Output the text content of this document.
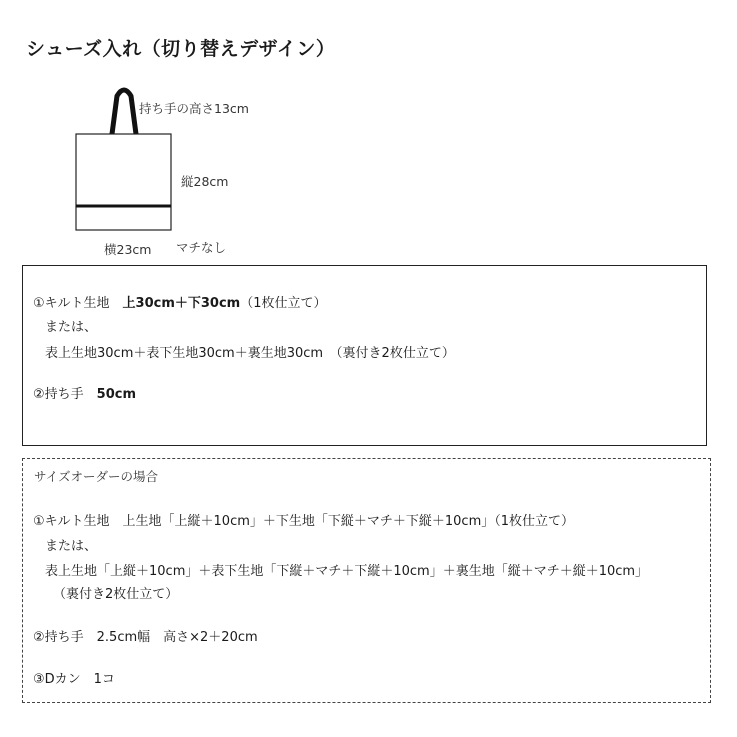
シューズ入れ（切り替えデザイン）
持ち手の高さ13cm
縦28cm
横23cm マチなし
①キルト生地　上30cm＋下30cm（1枚仕立て）
または、
表上生地30cm＋表下生地30cm＋裏生地30cm　（裏付き2枚仕立て）
②持ち手　50cm
サイズオーダーの場合
①キルト生地　上生地「上縦＋10cm」＋下生地「下縦＋マチ＋下縦＋10cm」（1枚仕立て）
または、
表上生地「上縦＋10cm」＋表下生地「下縦＋マチ＋下縦＋10cm」＋裏生地「縦＋マチ＋縦＋10cm」
（裏付き2枚仕立て）
②持ち手　2.5cm幅　高さ×2＋20cm
③Dカン　1コ
